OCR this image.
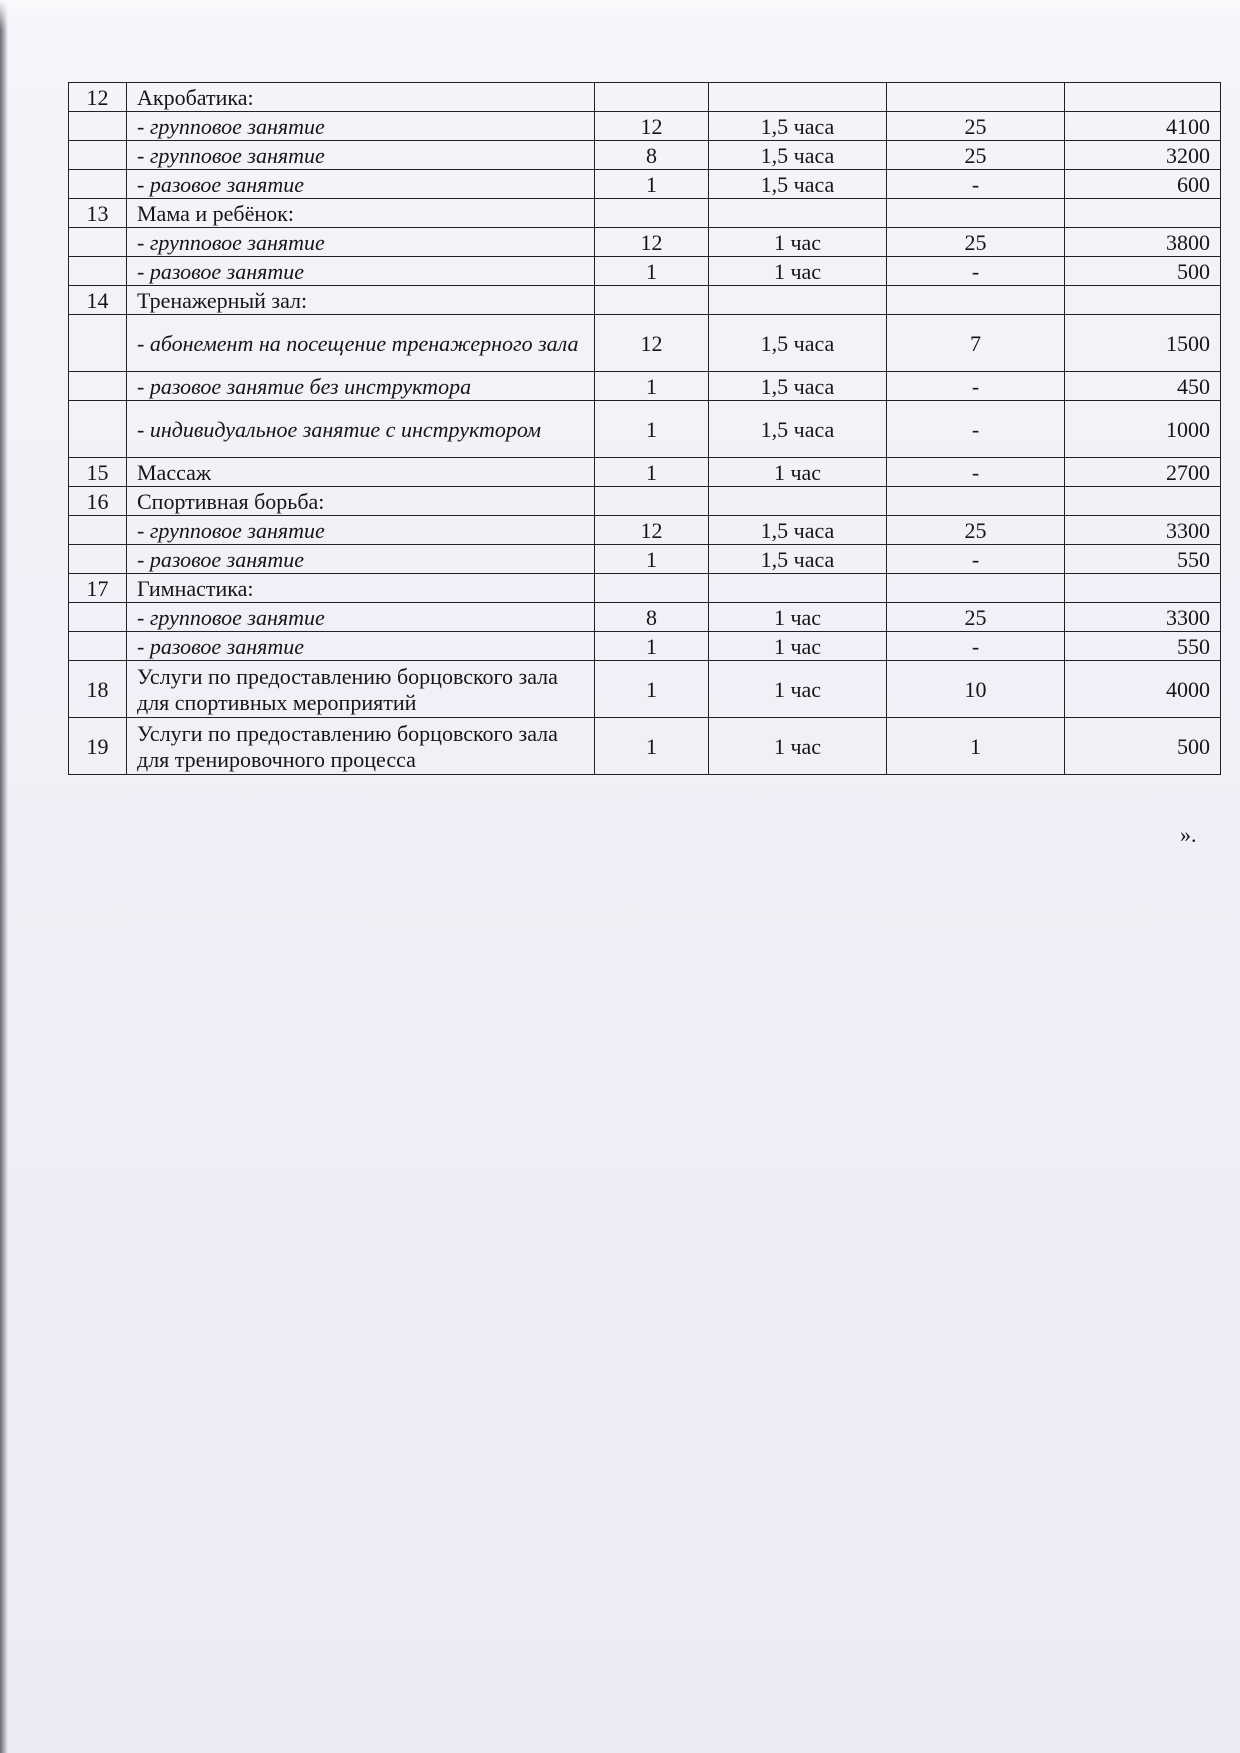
12	Акробатика:				
	- групповое занятие	12	1,5 часа	25	4100
	- групповое занятие	8	1,5 часа	25	3200
	- разовое занятие	1	1,5 часа	-	600
13	Мама и ребёнок:				
	- групповое занятие	12	1 час	25	3800
	- разовое занятие	1	1 час	-	500
14	Тренажерный зал:				
	- абонемент на посещение тренажерного зала	12	1,5 часа	7	1500
	- разовое занятие без инструктора	1	1,5 часа	-	450
	- индивидуальное занятие с инструктором	1	1,5 часа	-	1000
15	Массаж	1	1 час	-	2700
16	Спортивная борьба:				
	- групповое занятие	12	1,5 часа	25	3300
	- разовое занятие	1	1,5 часа	-	550
17	Гимнастика:				
	- групповое занятие	8	1 час	25	3300
	- разовое занятие	1	1 час	-	550
18	Услуги по предоставлению борцовского зала для спортивных мероприятий	1	1 час	10	4000
19	Услуги по предоставлению борцовского зала для тренировочного процесса	1	1 час	1	500
».
